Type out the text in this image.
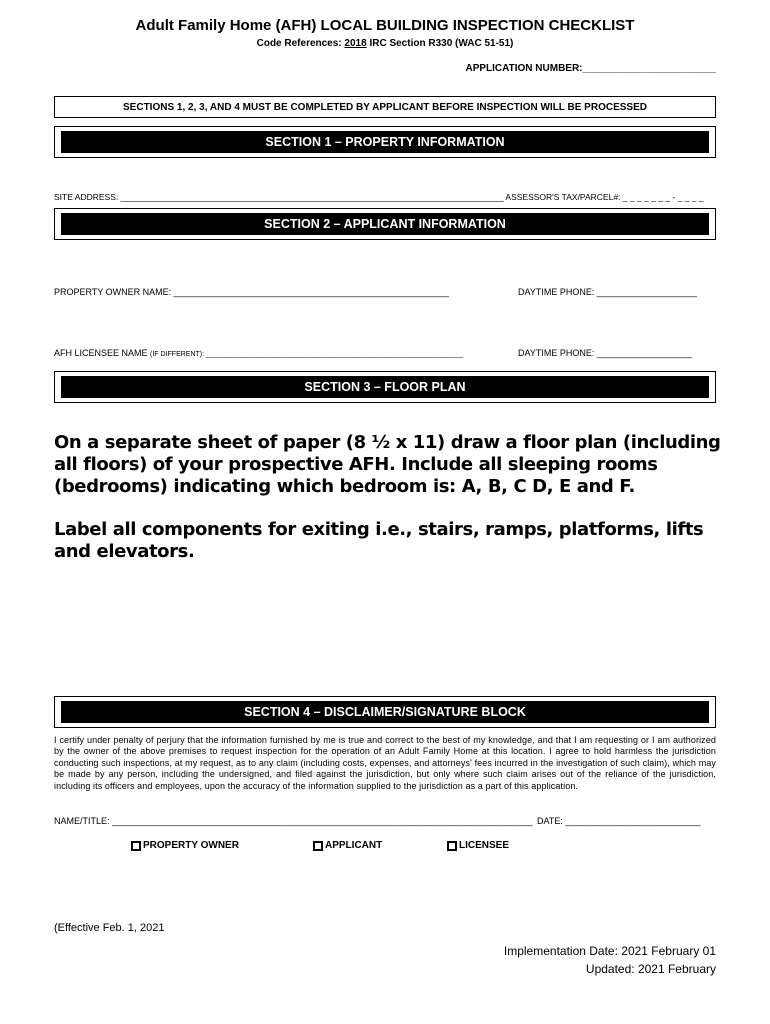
Adult Family Home (AFH) LOCAL BUILDING INSPECTION CHECKLIST
Code References: 2018 IRC Section R330 (WAC 51-51)
APPLICATION NUMBER:________________________
SECTIONS 1, 2, 3, AND 4 MUST BE COMPLETED BY APPLICANT BEFORE INSPECTION WILL BE PROCESSED
SECTION 1 – PROPERTY INFORMATION
SITE ADDRESS: _________________________________________________________________________________ ASSESSOR'S TAX/PARCEL#: _ _ _ _ _ _ _ - _ _ _ _
SECTION 2 – APPLICANT INFORMATION
PROPERTY OWNER NAME: _______________________________________________________	DAYTIME PHONE: ____________________
AFH LICENSEE NAME (IF DIFFERENT): __________________________________________________________________	DAYTIME PHONE: ___________________
SECTION 3 – FLOOR PLAN
On a separate sheet of paper (8 ½ x 11) draw a floor plan (including all floors) of your prospective AFH. Include all sleeping rooms (bedrooms) indicating which bedroom is: A, B, C D, E and F.
Label all components for exiting i.e., stairs, ramps, platforms, lifts and elevators.
SECTION 4 – DISCLAIMER/SIGNATURE BLOCK
I certify under penalty of perjury that the information furnished by me is true and correct to the best of my knowledge, and that I am requesting or I am authorized by the owner of the above premises to request inspection for the operation of an Adult Family Home at this location. I agree to hold harmless the jurisdiction conducting such inspections, at my request, as to any claim (including costs, expenses, and attorneys' fees incurred in the investigation of such claim), which may be made by any person, including the undersigned, and filed against the jurisdiction, but only where such claim arises out of the reliance of the jurisdiction, including its officers and employees, upon the accuracy of the information supplied to the jurisdiction as a part of this application.
NAME/TITLE: ____________________________________________________________________________________ DATE: ___________________________
PROPERTY OWNER	APPLICANT	LICENSEE
(Effective Feb. 1, 2021
Implementation Date: 2021 February 01
Updated: 2021 February
